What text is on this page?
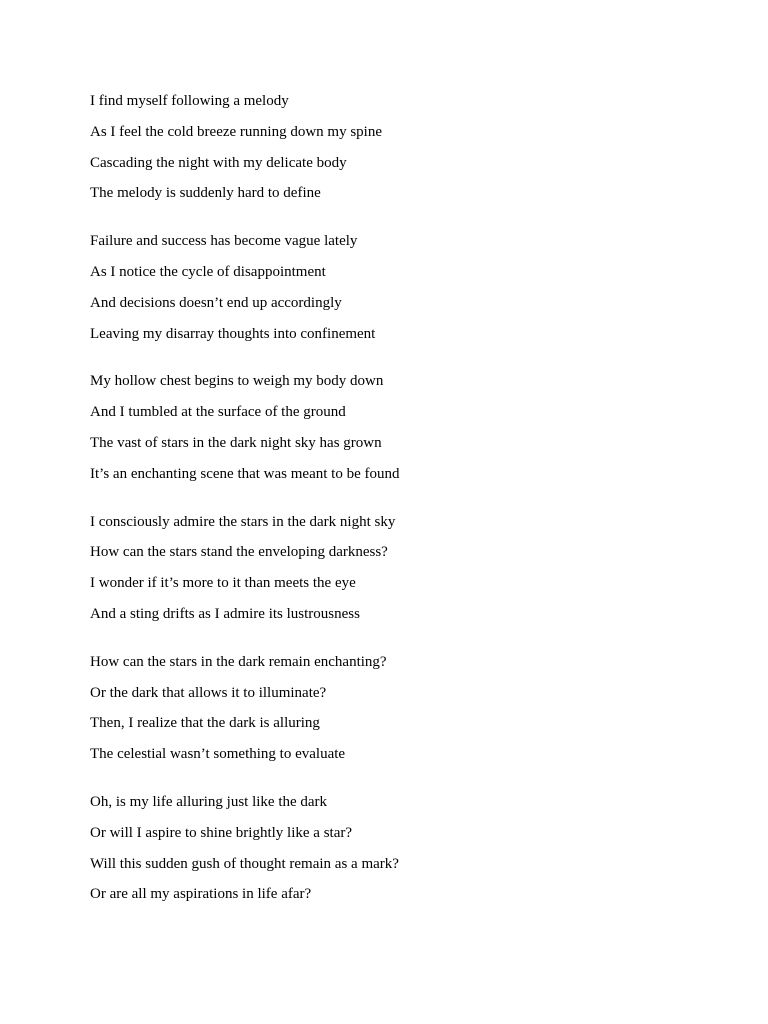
I find myself following a melody
As I feel the cold breeze running down my spine
Cascading the night with my delicate body
The melody is suddenly hard to define
Failure and success has become vague lately
As I notice the cycle of disappointment
And decisions doesn’t end up accordingly
Leaving my disarray thoughts into confinement
My hollow chest begins to weigh my body down
And I tumbled at the surface of the ground
The vast of stars in the dark night sky has grown
It’s an enchanting scene that was meant to be found
I consciously admire the stars in the dark night sky
How can the stars stand the enveloping darkness?
I wonder if it’s more to it than meets the eye
And a sting drifts as I admire its lustrousness
How can the stars in the dark remain enchanting?
Or the dark that allows it to illuminate?
Then, I realize that the dark is alluring
The celestial wasn’t something to evaluate
Oh, is my life alluring just like the dark
Or will I aspire to shine brightly like a star?
Will this sudden gush of thought remain as a mark?
Or are all my aspirations in life afar?
